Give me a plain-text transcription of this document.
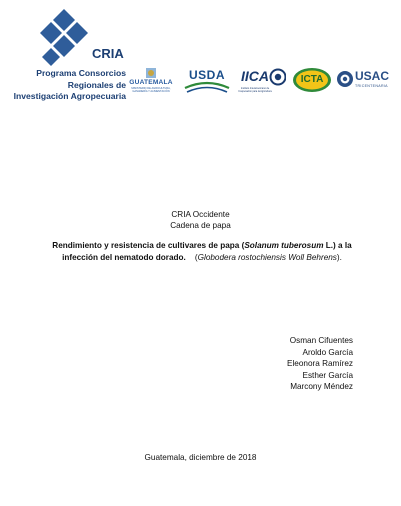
CRIA
Programa Consorcios
Regionales de
Investigación Agropecuaria
GUATEMALA
MINISTERIO DE AGRICULTURA, GANADERÍA Y ALIMENTACIÓN
USDA	IICA
Instituto Interamericano de Cooperación para la Agricultura
ICTA	USAC
TRICENTENARIA
CRIA Occidente
Cadena de papa
Rendimiento y resistencia de cultivares de papa (Solanum tuberosum L.) a la
infección del nematodo dorado. (Globodera rostochiensis Woll Behrens).
Osman Cifuentes
Aroldo García
Eleonora Ramírez
Esther García
Marcony Méndez
Guatemala, diciembre de 2018
